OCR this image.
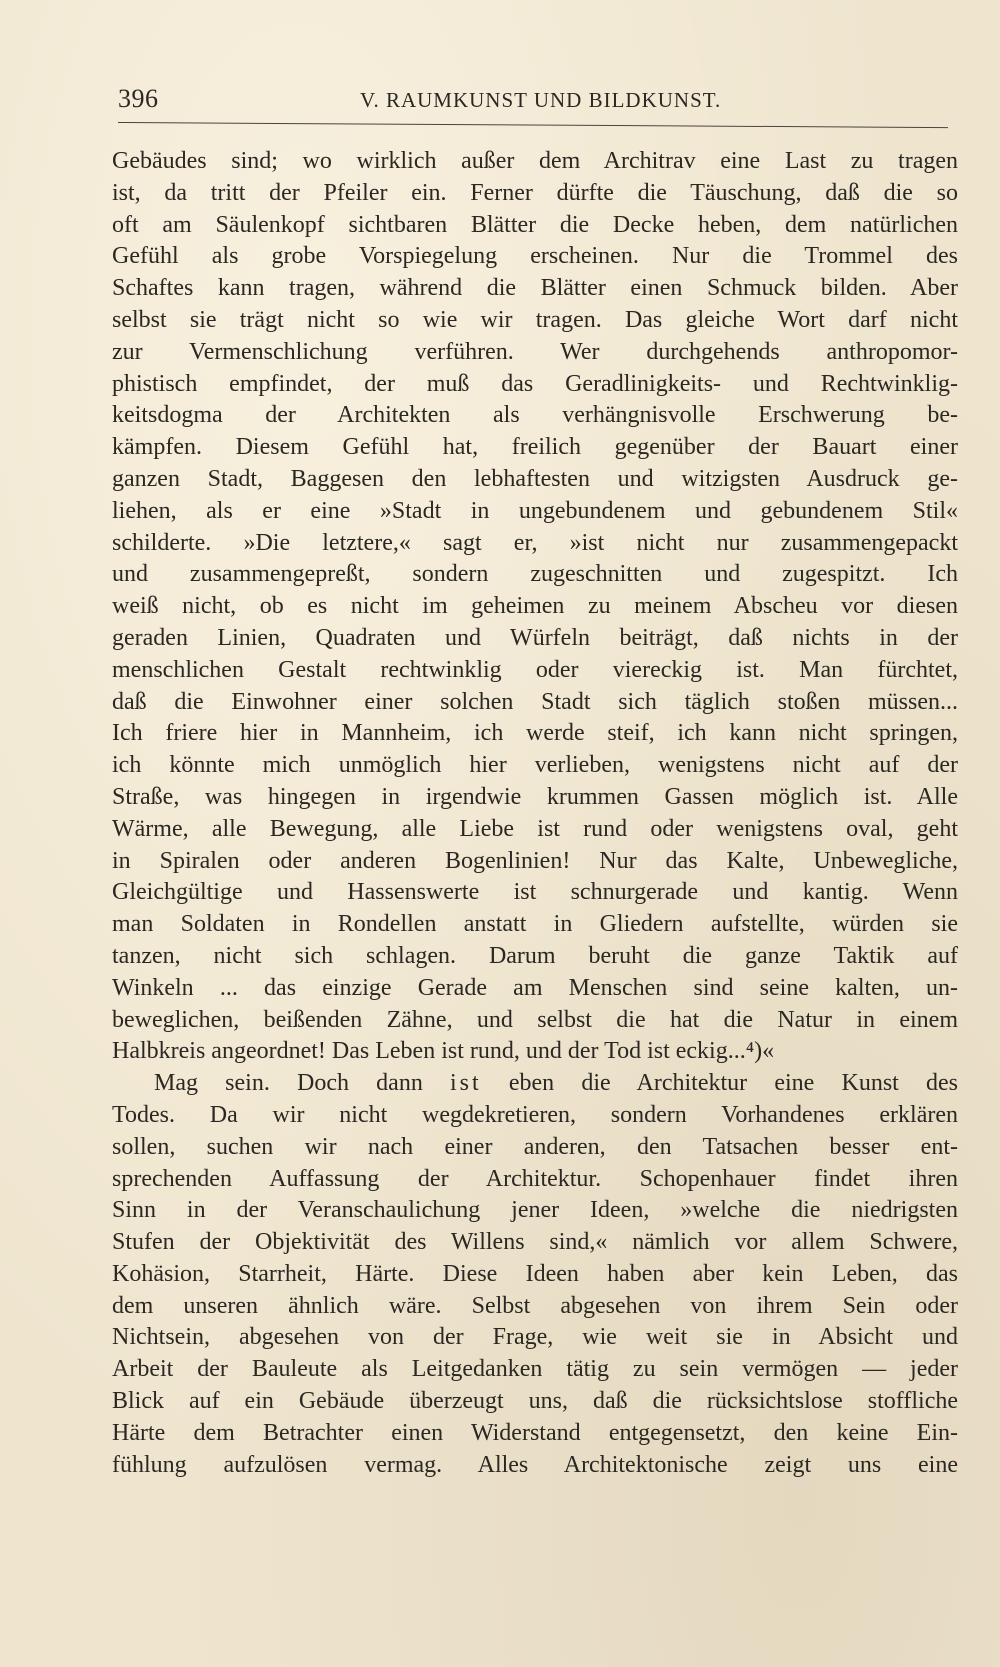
396	V. RAUMKUNST UND BILDKUNST.
Gebäudes sind; wo wirklich außer dem Architrav eine Last zu tragen
ist, da tritt der Pfeiler ein. Ferner dürfte die Täuschung, daß die so
oft am Säulenkopf sichtbaren Blätter die Decke heben, dem natürlichen
Gefühl als grobe Vorspiegelung erscheinen. Nur die Trommel des
Schaftes kann tragen, während die Blätter einen Schmuck bilden. Aber
selbst sie trägt nicht so wie wir tragen. Das gleiche Wort darf nicht
zur Vermenschlichung verführen. Wer durchgehends anthropomor-
phistisch empfindet, der muß das Geradlinigkeits- und Rechtwinklig-
keitsdogma der Architekten als verhängnisvolle Erschwerung be-
kämpfen. Diesem Gefühl hat, freilich gegenüber der Bauart einer
ganzen Stadt, Baggesen den lebhaftesten und witzigsten Ausdruck ge-
liehen, als er eine »Stadt in ungebundenem und gebundenem Stil«
schilderte. »Die letztere,« sagt er, »ist nicht nur zusammengepackt
und zusammengepreßt, sondern zugeschnitten und zugespitzt. Ich
weiß nicht, ob es nicht im geheimen zu meinem Abscheu vor diesen
geraden Linien, Quadraten und Würfeln beiträgt, daß nichts in der
menschlichen Gestalt rechtwinklig oder viereckig ist. Man fürchtet,
daß die Einwohner einer solchen Stadt sich täglich stoßen müssen...
Ich friere hier in Mannheim, ich werde steif, ich kann nicht springen,
ich könnte mich unmöglich hier verlieben, wenigstens nicht auf der
Straße, was hingegen in irgendwie krummen Gassen möglich ist. Alle
Wärme, alle Bewegung, alle Liebe ist rund oder wenigstens oval, geht
in Spiralen oder anderen Bogenlinien! Nur das Kalte, Unbewegliche,
Gleichgültige und Hassenswerte ist schnurgerade und kantig. Wenn
man Soldaten in Rondellen anstatt in Gliedern aufstellte, würden sie
tanzen, nicht sich schlagen. Darum beruht die ganze Taktik auf
Winkeln ... das einzige Gerade am Menschen sind seine kalten, un-
beweglichen, beißenden Zähne, und selbst die hat die Natur in einem
Halbkreis angeordnet! Das Leben ist rund, und der Tod ist eckig...⁴)«
Mag sein. Doch dann ist eben die Architektur eine Kunst des
Todes. Da wir nicht wegdekretieren, sondern Vorhandenes erklären
sollen, suchen wir nach einer anderen, den Tatsachen besser ent-
sprechenden Auffassung der Architektur. Schopenhauer findet ihren
Sinn in der Veranschaulichung jener Ideen, »welche die niedrigsten
Stufen der Objektivität des Willens sind,« nämlich vor allem Schwere,
Kohäsion, Starrheit, Härte. Diese Ideen haben aber kein Leben, das
dem unseren ähnlich wäre. Selbst abgesehen von ihrem Sein oder
Nichtsein, abgesehen von der Frage, wie weit sie in Absicht und
Arbeit der Bauleute als Leitgedanken tätig zu sein vermögen — jeder
Blick auf ein Gebäude überzeugt uns, daß die rücksichtslose stoffliche
Härte dem Betrachter einen Widerstand entgegensetzt, den keine Ein-
fühlung aufzulösen vermag. Alles Architektonische zeigt uns eine
